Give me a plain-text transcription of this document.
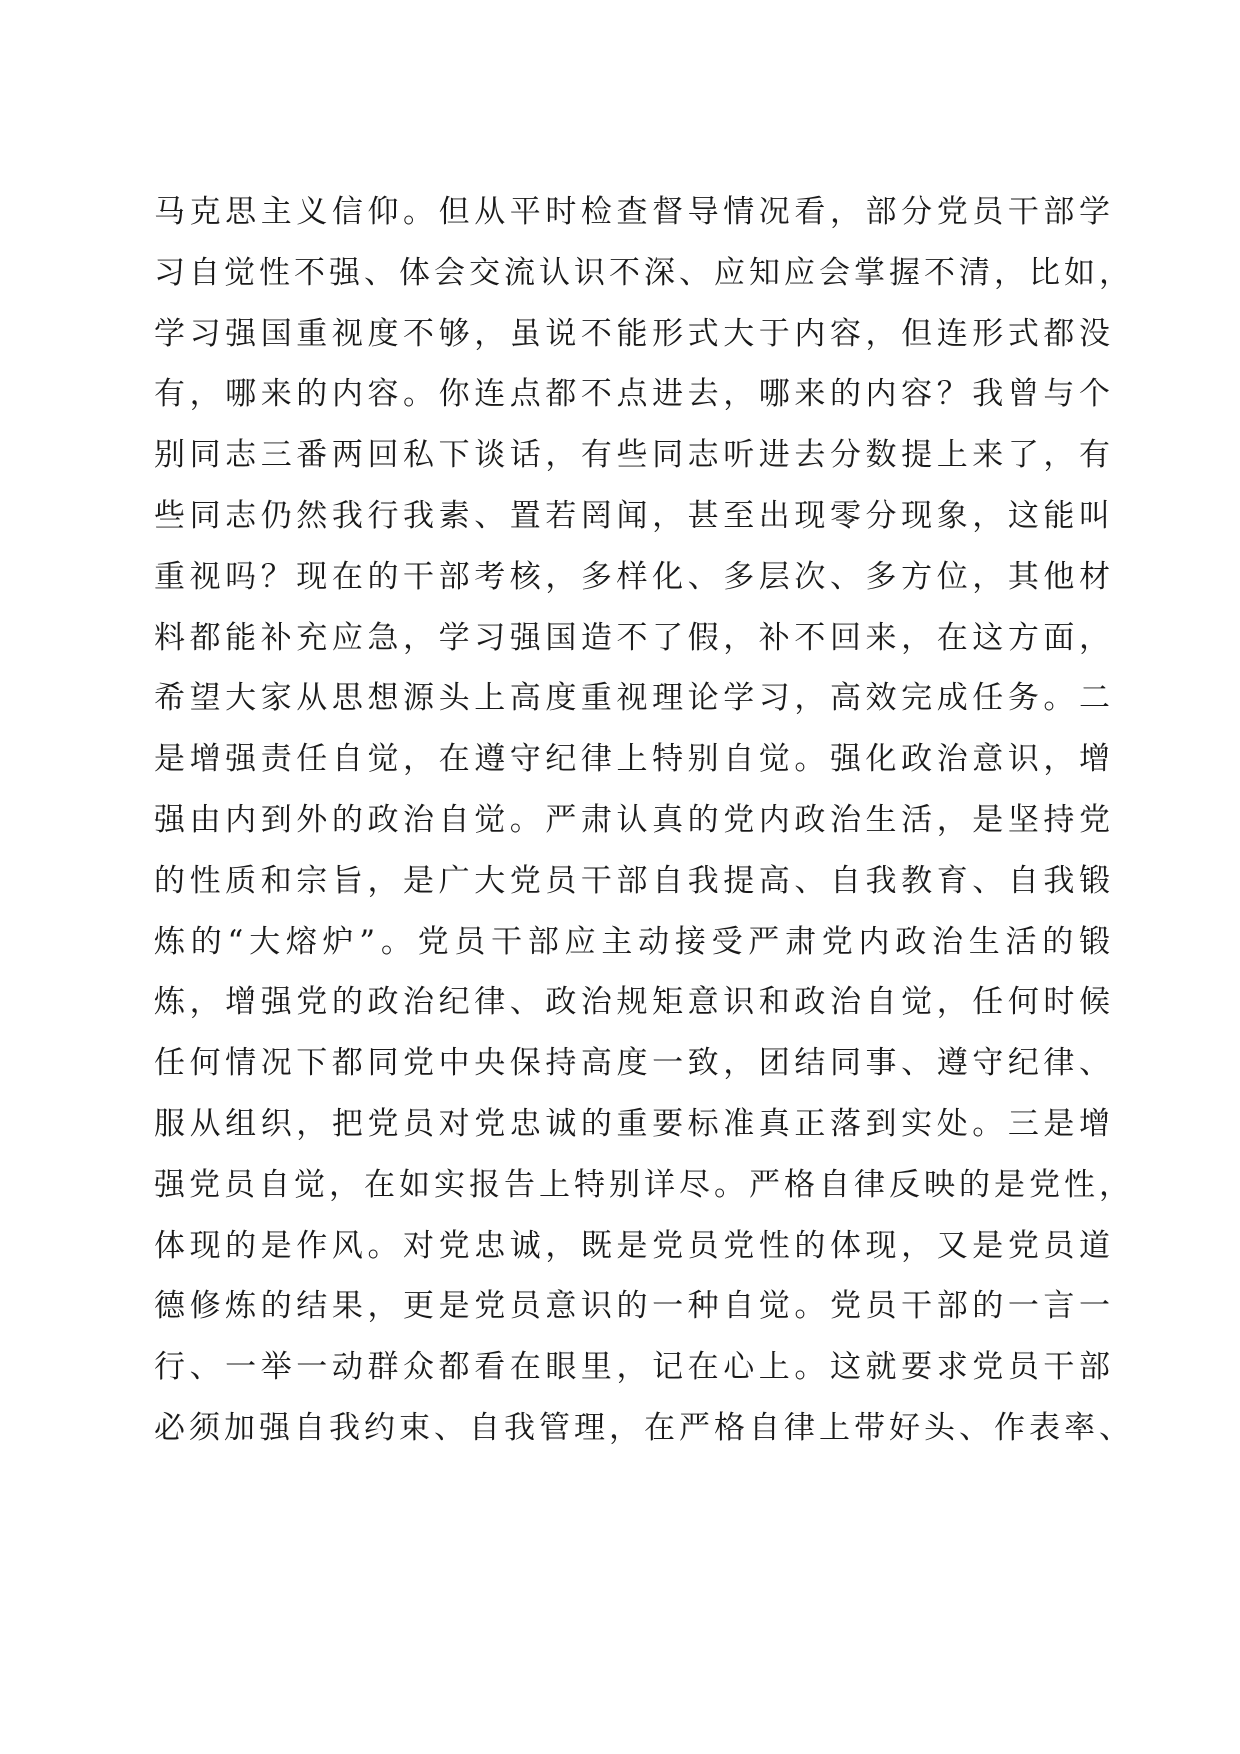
马克思主义信仰。但从平时检查督导情况看，部分党员干部学
习自觉性不强、体会交流认识不深、应知应会掌握不清，比如，
学习强国重视度不够，虽说不能形式大于内容，但连形式都没
有，哪来的内容。你连点都不点进去，哪来的内容？我曾与个
别同志三番两回私下谈话，有些同志听进去分数提上来了，有
些同志仍然我行我素、置若罔闻，甚至出现零分现象，这能叫
重视吗？现在的干部考核，多样化、多层次、多方位，其他材
料都能补充应急，学习强国造不了假，补不回来，在这方面，
希望大家从思想源头上高度重视理论学习，高效完成任务。二
是增强责任自觉，在遵守纪律上特别自觉。强化政治意识，增
强由内到外的政治自觉。严肃认真的党内政治生活，是坚持党
的性质和宗旨，是广大党员干部自我提高、自我教育、自我锻
炼的“大熔炉”。党员干部应主动接受严肃党内政治生活的锻
炼，增强党的政治纪律、政治规矩意识和政治自觉，任何时候
任何情况下都同党中央保持高度一致，团结同事、遵守纪律、
服从组织，把党员对党忠诚的重要标准真正落到实处。三是增
强党员自觉，在如实报告上特别详尽。严格自律反映的是党性，
体现的是作风。对党忠诚，既是党员党性的体现，又是党员道
德修炼的结果，更是党员意识的一种自觉。党员干部的一言一
行、一举一动群众都看在眼里，记在心上。这就要求党员干部
必须加强自我约束、自我管理，在严格自律上带好头、作表率、
